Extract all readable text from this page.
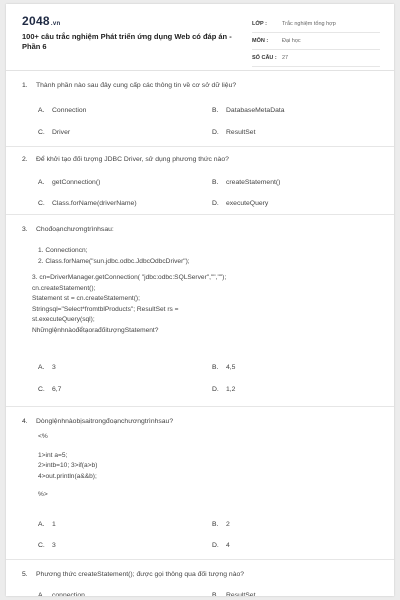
2048.vn
100+ câu trắc nghiệm Phát triển ứng dụng Web có đáp án - Phần 6
LỚP :	Trắc nghiệm tổng hợp
MÔN :	Đại học
SỐ CÂU : 27
1. Thành phần nào sau đây cung cấp các thông tin về cơ sở dữ liệu?
A. Connection	B. DatabaseMetaData
C. Driver	D. ResultSet
2. Để khởi tạo đối tượng JDBC Driver, sử dụng phương thức nào?
A. getConnection()	B. createStatement()
C. Class.forName(driverName)	D. executeQuery
3. Chođoạnchươngtrìnhsau:
1. Connectioncn;
2. Class.forName("sun.jdbc.odbc.JdbcOdbcDriver");
3. cn=DriverManager.getConnection( "jdbc:odbc:SQLServer","","");
cn.createStatement();
Statement st = cn.createStatement();
Stringsql="Select*fromtblProducts"; ResultSet rs =
st.executeQuery(sql);
NhữnglệnhnàođểtạorađốitượngStatement?
A. 3	B. 4,5
C. 6,7	D. 1,2
4. Dònglệnhnàobịsaitrongđoạnchươngtrìnhsau?
<%
1>int a=5;
2>intb=10; 3>if(a>b)
4>out.println(a&&b);
%>
A. 1	B. 2
C. 3	D. 4
5. Phương thức createStatement(); được gọi thông qua đối tượng nào?
A. connection	B. ResultSet
